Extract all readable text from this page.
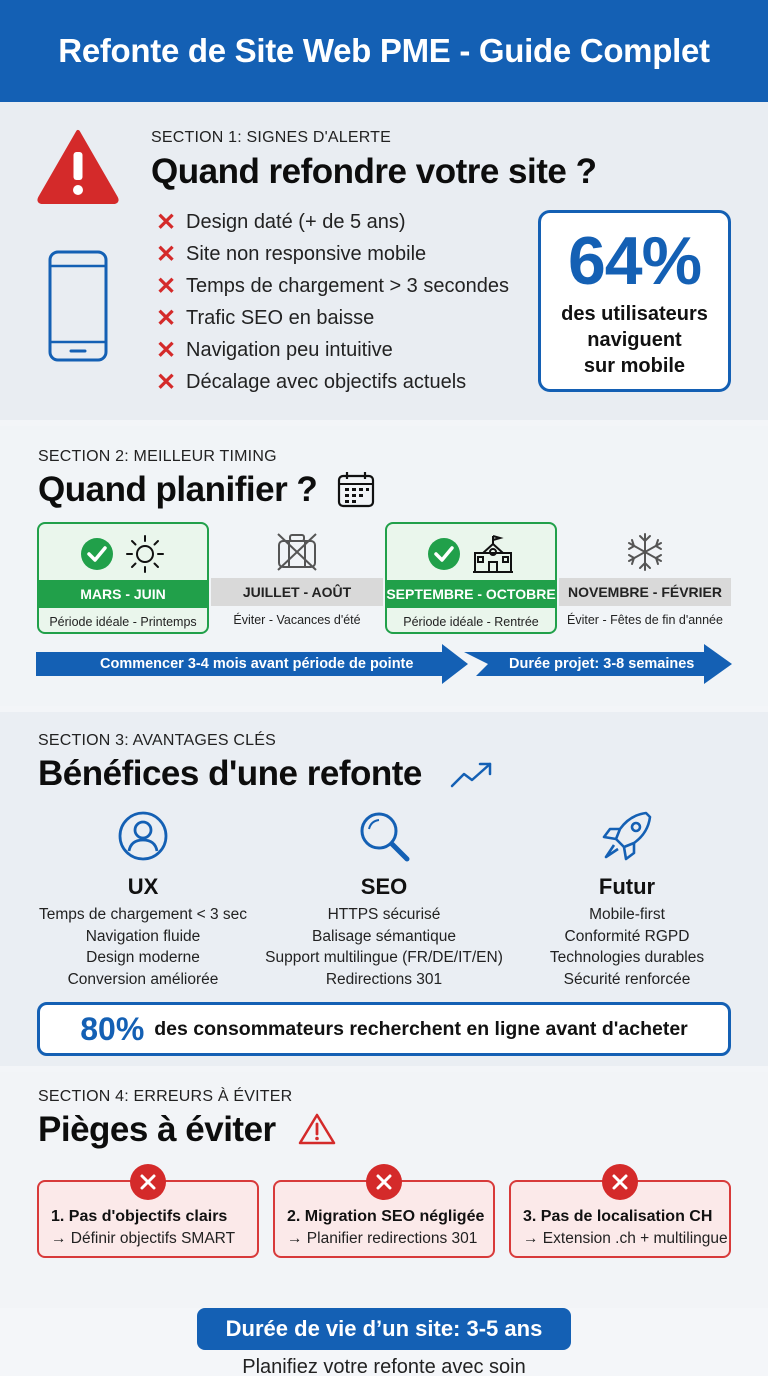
Refonte de Site Web PME - Guide Complet
SECTION 1: SIGNES D'ALERTE
Quand refondre votre site ?
✕ Design daté (+ de 5 ans)
✕ Site non responsive mobile
✕ Temps de chargement > 3 secondes
✕ Trafic SEO en baisse
✕ Navigation peu intuitive
✕ Décalage avec objectifs actuels
64%
des utilisateurs
naviguent
sur mobile
SECTION 2: MEILLEUR TIMING
Quand planifier ?
MARS - JUIN
Période idéale - Printemps
JUILLET - AOÛT
Éviter - Vacances d'été
SEPTEMBRE - OCTOBRE
Période idéale - Rentrée
NOVEMBRE - FÉVRIER
Éviter - Fêtes de fin d'année
Commencer 3-4 mois avant période de pointe	Durée projet: 3-8 semaines
SECTION 3: AVANTAGES CLÉS
Bénéfices d'une refonte
UX
Temps de chargement < 3 sec
Navigation fluide
Design moderne
Conversion améliorée
SEO
HTTPS sécurisé
Balisage sémantique
Support multilingue (FR/DE/IT/EN)
Redirections 301
Futur
Mobile-first
Conformité RGPD
Technologies durables
Sécurité renforcée
80% des consommateurs recherchent en ligne avant d'acheter
SECTION 4: ERREURS À ÉVITER
Pièges à éviter
1. Pas d'objectifs clairs
→ Définir objectifs SMART
2. Migration SEO négligée
→ Planifier redirections 301
3. Pas de localisation CH
→ Extension .ch + multilingue
Durée de vie d’un site: 3-5 ans
Planifiez votre refonte avec soin
